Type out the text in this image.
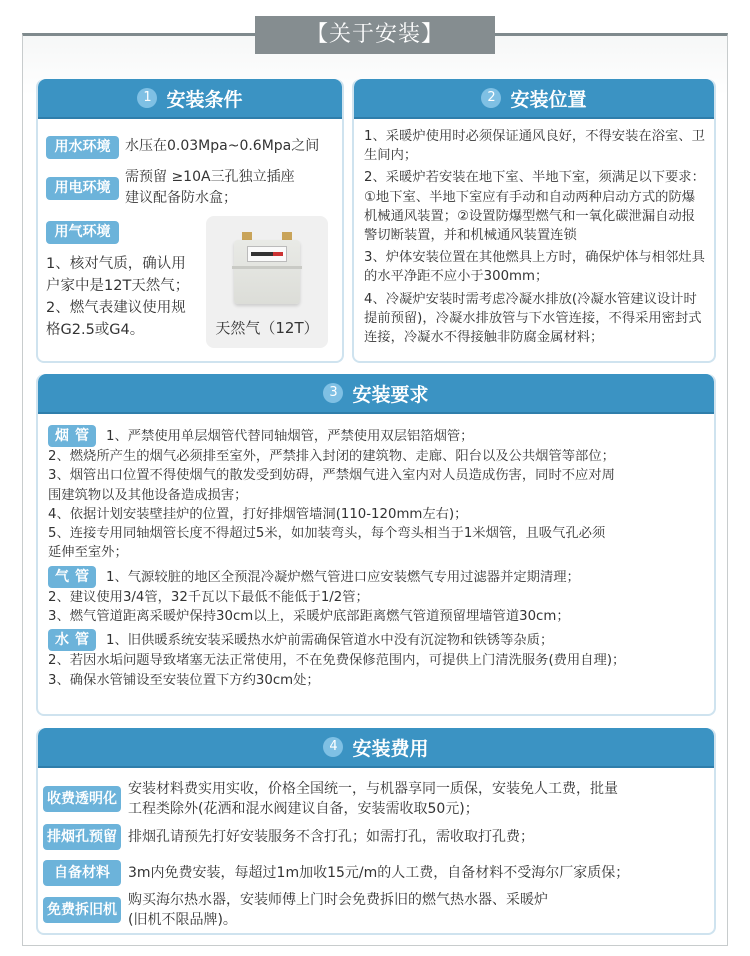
【关于安装】
1 安装条件
用水环境	水压在0.03Mpa~0.6Mpa之间
用电环境
需预留 ≥10A三孔独立插座
建议配备防水盒；
用气环境
1、核对气质，确认用
户家中是12T天然气；
2、燃气表建议使用规
格G2.5或G4。	天然气（12T）
2 安装位置

1、采暖炉使用时必须保证通风良好，不得安装在浴室、卫生间内；

2、采暖炉若安装在地下室、半地下室，须满足以下要求：①地下室、半地下室应有手动和自动两种启动方式的防爆机械通风装置；②设置防爆型燃气和一氧化碳泄漏自动报警切断装置，并和机械通风装置连锁

3、炉体安装位置在其他燃具上方时，确保炉体与相邻灶具的水平净距不应小于300mm；

4、冷凝炉安装时需考虑冷凝水排放(冷凝水管建议设计时提前预留)，冷凝水排放管与下水管连接，不得采用密封式连接，冷凝水不得接触非防腐金属材料；

3 安装要求
烟管 1、严禁使用单层烟管代替同轴烟管，严禁使用双层铝箔烟管；
2、燃烧所产生的烟气必须排至室外，严禁排入封闭的建筑物、走廊、阳台以及公共烟管等部位；
3、烟管出口位置不得使烟气的散发受到妨碍，严禁烟气进入室内对人员造成伤害，同时不应对周
围建筑物以及其他设备造成损害；
4、依据计划安装壁挂炉的位置，打好排烟管墙洞(110-120mm左右)；
5、连接专用同轴烟管长度不得超过5米，如加装弯头，每个弯头相当于1米烟管，且吸气孔必须
延伸至室外；
气管 1、气源较脏的地区全预混冷凝炉燃气管进口应安装燃气专用过滤器并定期清理；
2、建议使用3/4管，32千瓦以下最低不能低于1/2管；
3、燃气管道距离采暖炉保持30cm以上，采暖炉底部距离燃气管道预留埋墙管道30cm；
水管 1、旧供暖系统安装采暖热水炉前需确保管道水中没有沉淀物和铁锈等杂质；
2、若因水垢问题导致堵塞无法正常使用，不在免费保修范围内，可提供上门清洗服务(费用自理)；
3、确保水管铺设至安装位置下方约30cm处；
4 安装费用
收费透明化
安装材料费实用实收，价格全国统一，与机器享同一质保，安装免人工费，批量
工程类除外(花洒和混水阀建议自备，安装需收取50元)；
排烟孔预留 排烟孔请预先打好安装服务不含打孔；如需打孔，需收取打孔费；
自备材料	3m内免费安装，每超过1m加收15元/m的人工费，自备材料不受海尔厂家质保；
免费拆旧机
购买海尔热水器，安装师傅上门时会免费拆旧的燃气热水器、采暖炉
(旧机不限品牌)。
